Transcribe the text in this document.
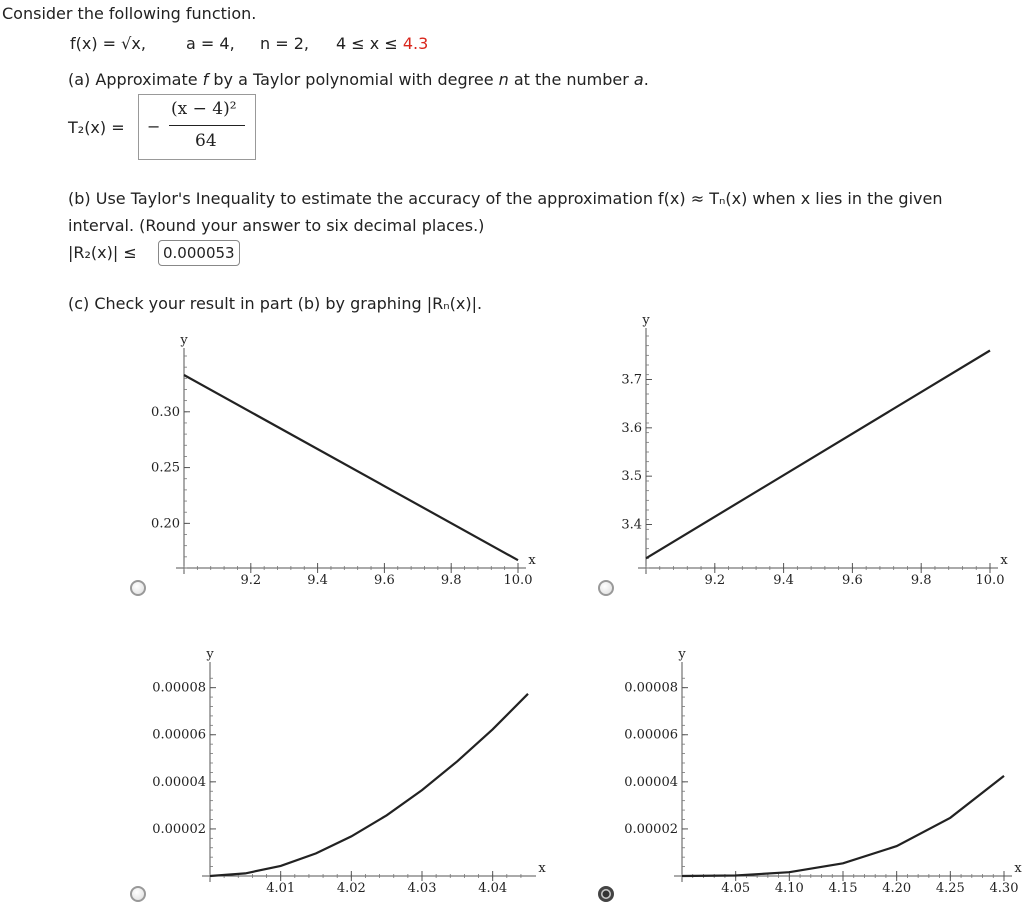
Consider the following function.
f(x) = √x,	a = 4, n = 2, 4 ≤ x ≤ 4.3
(a) Approximate f by a Taylor polynomial with degree n at the number a.
T₂(x) = −
(x − 4)²
64
(b) Use Taylor's Inequality to estimate the accuracy of the approximation f(x) ≈ Tₙ(x) when x lies in the given
interval. (Round your answer to six decimal places.)
|R₂(x)| ≤	0.000053
(c) Check your result in part (b) by graphing |Rₙ(x)|.
9.2	9.4	9.6	9.8	10.0
0.20
0.25
0.30
x
y
9.2	9.4	9.6	9.8	10.0
3.4
3.5
3.6
3.7
x
y
4.01	4.02	4.03	4.04
0.00002
0.00004
0.00006
0.00008
x
y
4.05 4.10 4.15 4.20 4.25 4.30
0.00002
0.00004
0.00006
0.00008
x
y
